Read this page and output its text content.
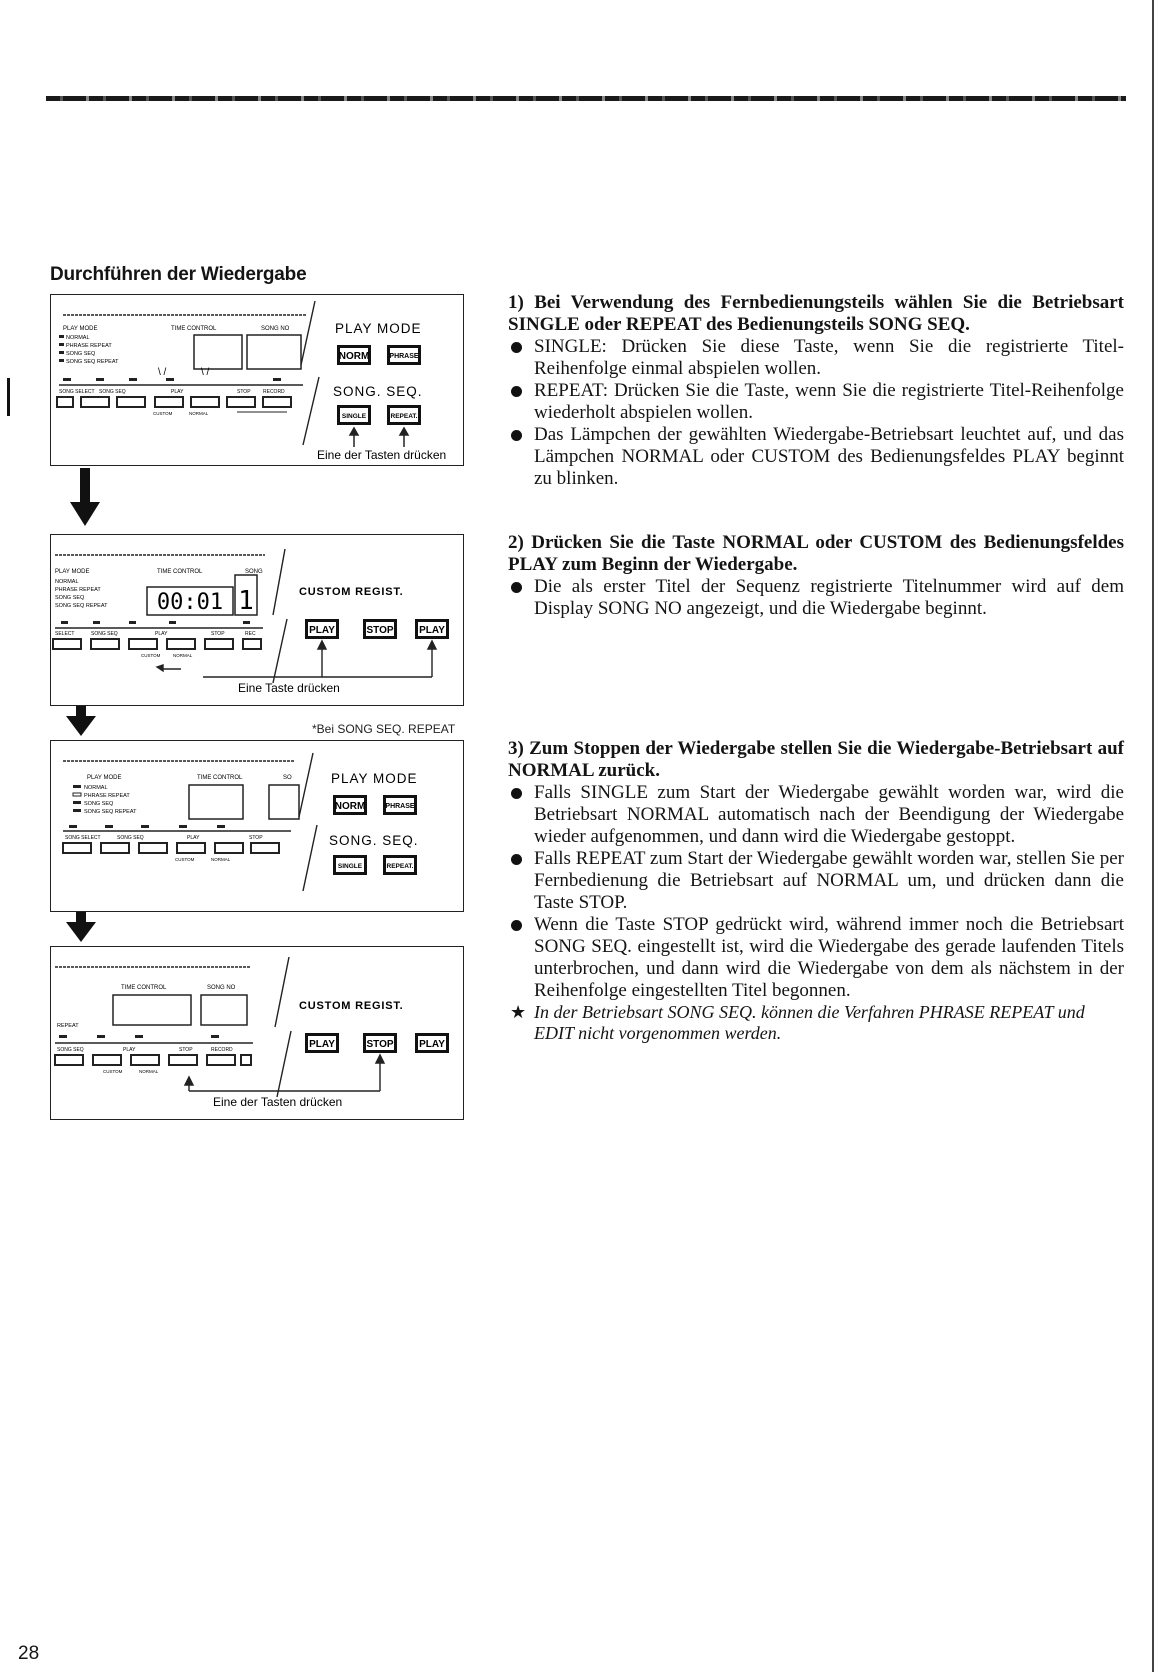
Durchführen der Wiedergabe
PLAY MODE	TIME CONTROL	SONG NO
NORMAL
PHRASE REPEAT
SONG SEQ
SONG SEQ REPEAT
\ /	\ /
SONG SELECT SONG SEQ	PLAY	STOP RECORD
CUSTOM	NORMAL
PLAY MODE
NORM	PHRASE
SONG. SEQ.
SINGLE	REPEAT.
Eine der Tasten drücken
PLAY MODE	TIME CONTROL	SONG
NORMAL
PHRASE REPEAT
SONG SEQ
SONG SEQ REPEAT 00:01 1
SELECT	SONG SEQ	PLAY	STOP	REC
CUSTOM	NORMAL
CUSTOM REGIST.
PLAY	STOP	PLAY
Eine Taste drücken
*Bei SONG SEQ. REPEAT
PLAY MODE	TIME CONTROL	SO
NORMAL
PHRASE REPEAT
SONG SEQ
SONG SEQ REPEAT
SONG SELECT	SONG SEQ	PLAY	STOP
CUSTOM	NORMAL
PLAY MODE
NORM	PHRASE
SONG. SEQ.
SINGLE	REPEAT.
TIME CONTROL	SONG NO
REPEAT
SONG SEQ	PLAY	STOP	RECORD
CUSTOM	NORMAL
CUSTOM REGIST.
PLAY	STOP	PLAY
Eine der Tasten drücken

1) Bei Verwendung des Fernbedienungsteils wählen Sie die Betriebsart SINGLE oder REPEAT des Bedienungsteils SONG SEQ.

SINGLE: Drücken Sie diese Taste, wenn Sie die registrierte Titel-Reihenfolge einmal abspielen wollen.
REPEAT: Drücken Sie die Taste, wenn Sie die registrierte Titel-Reihenfolge wiederholt abspielen wollen.
Das Lämpchen der gewählten Wiedergabe-Betriebsart leuchtet auf, und das Lämpchen NORMAL oder CUSTOM des Bedienungsfeldes PLAY beginnt zu blinken.

2) Drücken Sie die Taste NORMAL oder CUSTOM des Bedienungsfeldes PLAY zum Beginn der Wiedergabe.

Die als erster Titel der Sequenz registrierte Titelnummer wird auf dem Display SONG NO angezeigt, und die Wiedergabe beginnt.

3) Zum Stoppen der Wiedergabe stellen Sie die Wiedergabe-Betriebsart auf NORMAL zurück.

Falls SINGLE zum Start der Wiedergabe gewählt worden war, wird die Betriebsart NORMAL automatisch nach der Beendigung der Wiedergabe wieder aufgenommen, und dann wird die Wiedergabe gestoppt.
Falls REPEAT zum Start der Wiedergabe gewählt worden war, stellen Sie per Fernbedienung die Betriebsart auf NORMAL um, und drücken dann die Taste STOP.
Wenn die Taste STOP gedrückt wird, während immer noch die Betriebsart SONG SEQ. eingestellt ist, wird die Wiedergabe des gerade laufenden Titels unterbrochen, und dann wird die Wiedergabe von dem als nächstem in der Reihenfolge eingestellten Titel begonnen.
★ In der Betriebsart SONG SEQ. können die Verfahren PHRASE REPEAT und EDIT nicht vorgenommen werden.
28
